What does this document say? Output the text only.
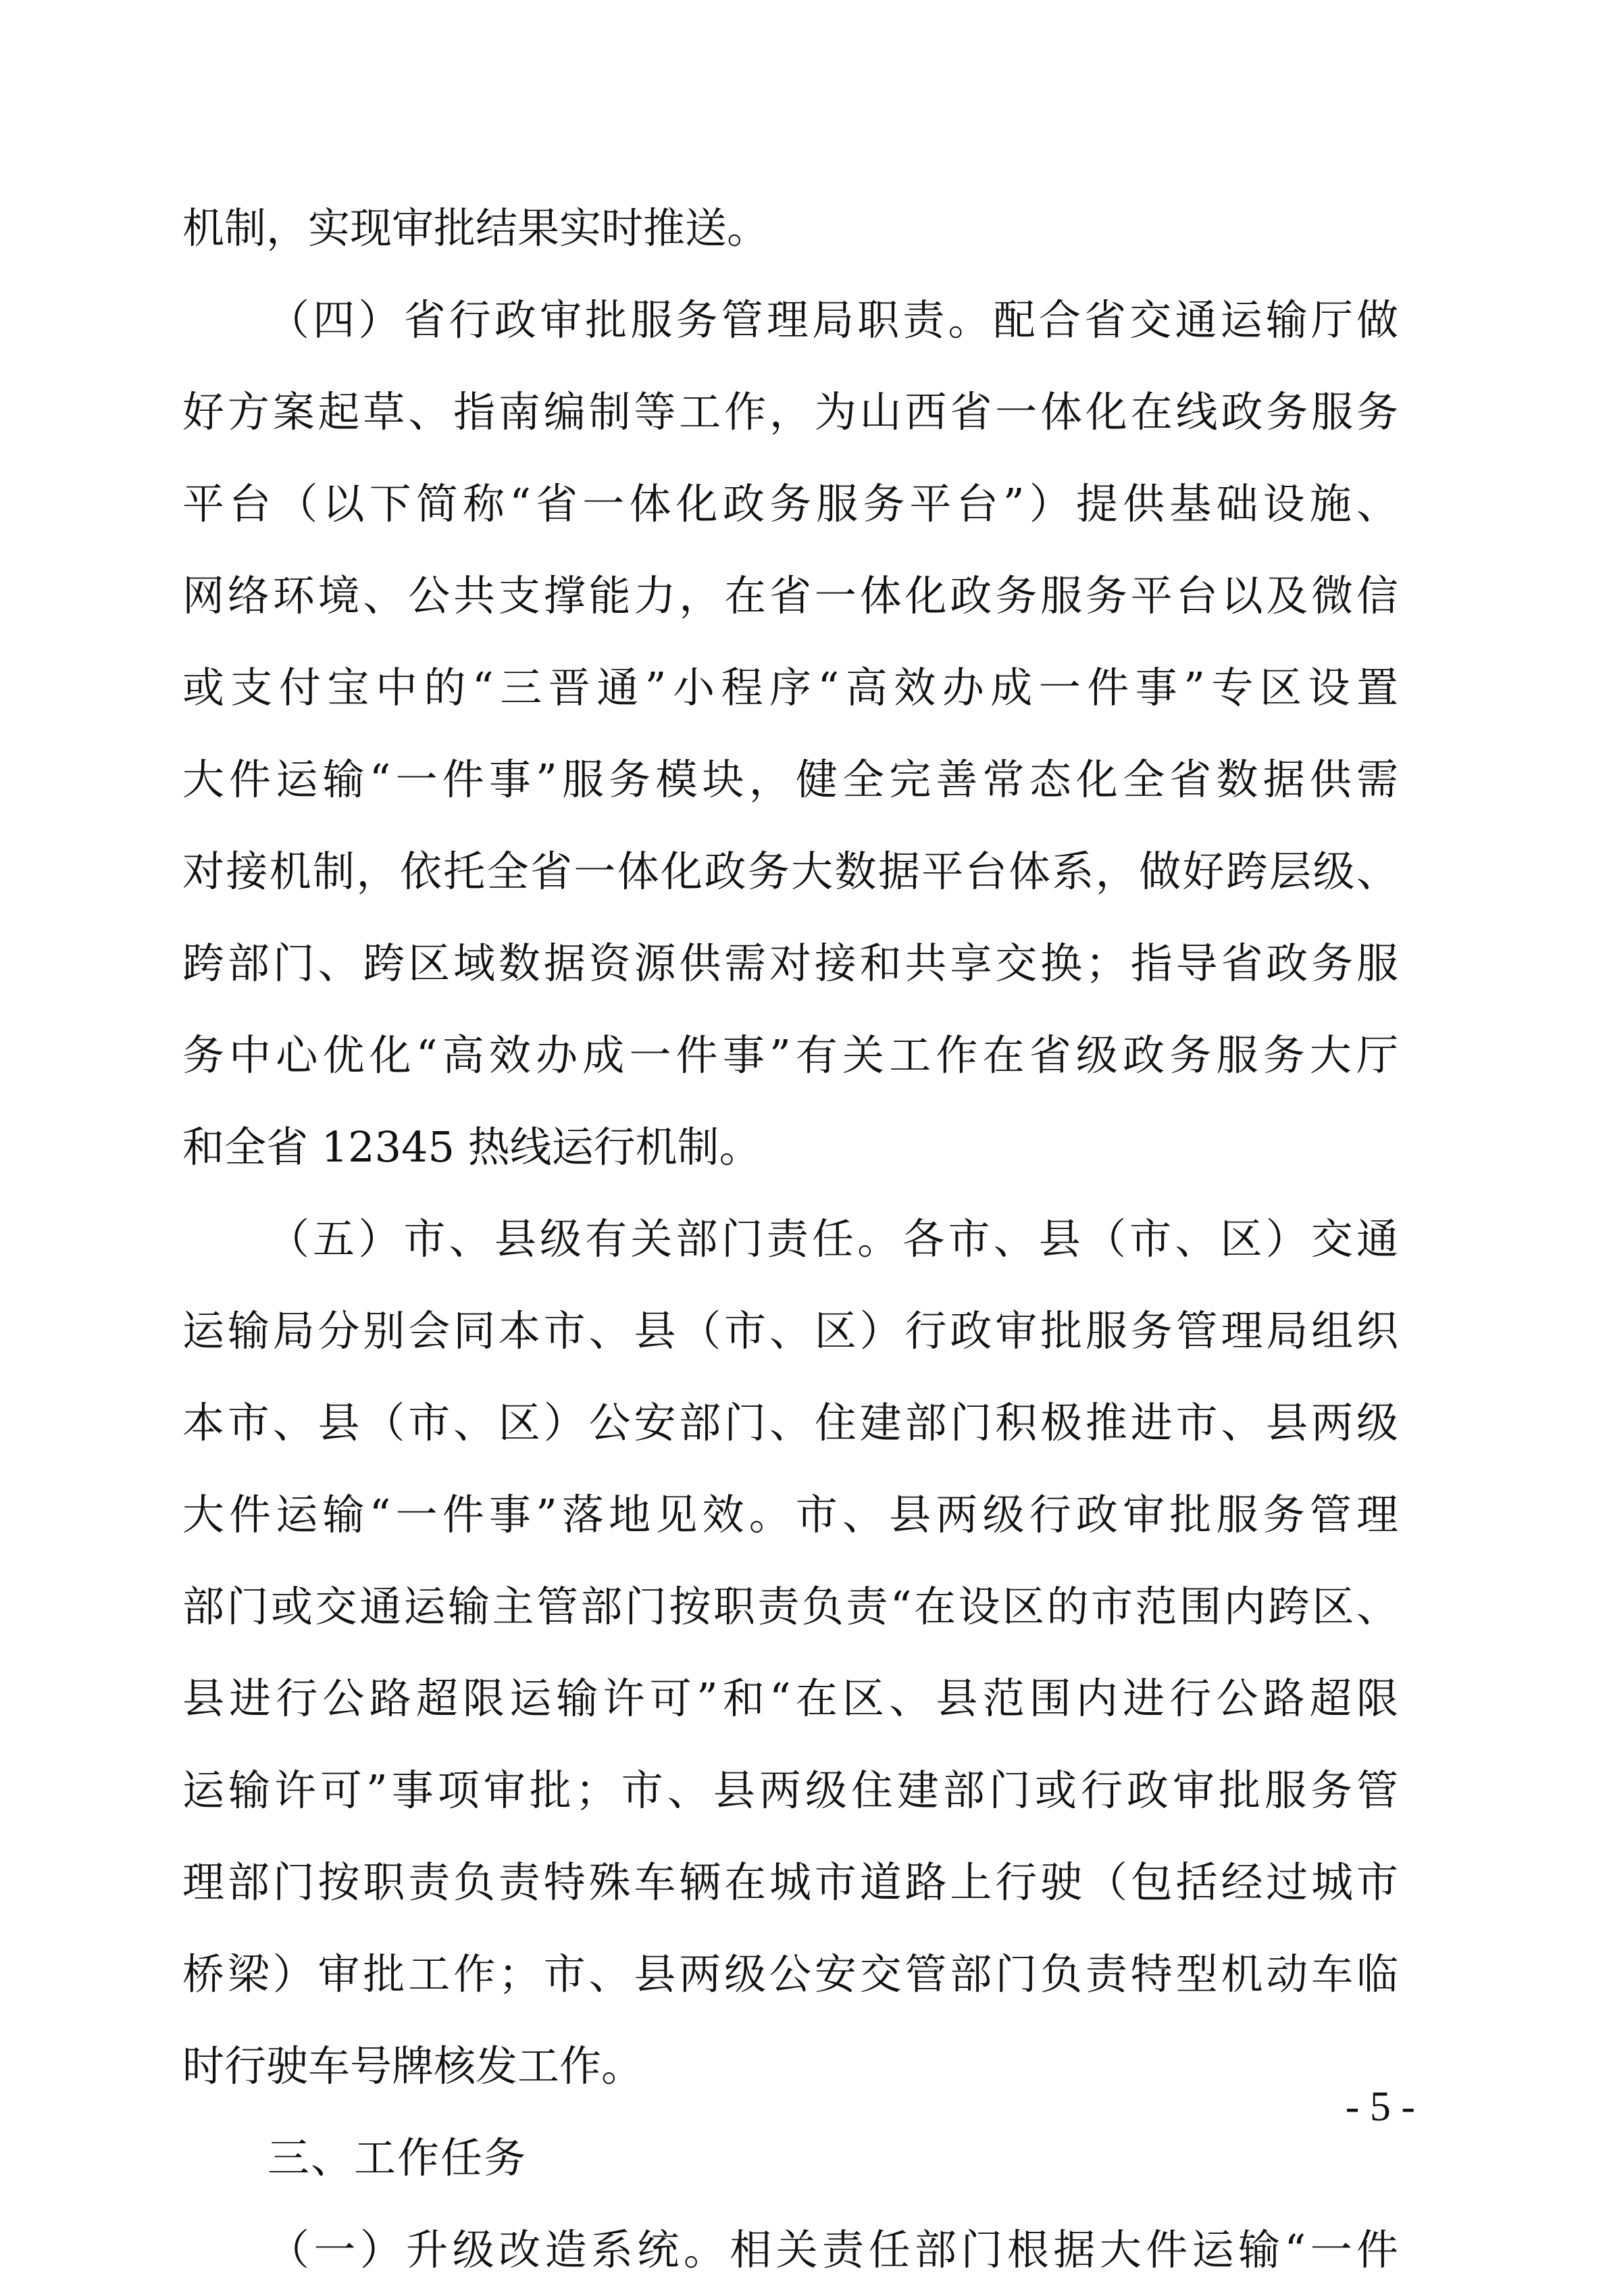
机制，实现审批结果实时推送。
（四）省行政审批服务管理局职责。配合省交通运输厅做
好方案起草、指南编制等工作，为山西省一体化在线政务服务
平台（以下简称“省一体化政务服务平台”）提供基础设施、
网络环境、公共支撑能力，在省一体化政务服务平台以及微信
或支付宝中的“三晋通”小程序“高效办成一件事”专区设置
大件运输“一件事”服务模块，健全完善常态化全省数据供需
对接机制，依托全省一体化政务大数据平台体系，做好跨层级、
跨部门、跨区域数据资源供需对接和共享交换；指导省政务服
务中心优化“高效办成一件事”有关工作在省级政务服务大厅
和全省 12345 热线运行机制。
（五）市、县级有关部门责任。各市、县（市、区）交通
运输局分别会同本市、县（市、区）行政审批服务管理局组织
本市、县（市、区）公安部门、住建部门积极推进市、县两级
大件运输“一件事”落地见效。市、县两级行政审批服务管理
部门或交通运输主管部门按职责负责“在设区的市范围内跨区、
县进行公路超限运输许可”和“在区、县范围内进行公路超限
运输许可”事项审批；市、县两级住建部门或行政审批服务管
理部门按职责负责特殊车辆在城市道路上行驶（包括经过城市
桥梁）审批工作；市、县两级公安交管部门负责特型机动车临
时行驶车号牌核发工作。
三、工作任务
（一）升级改造系统。相关责任部门根据大件运输“一件
- 5 -
